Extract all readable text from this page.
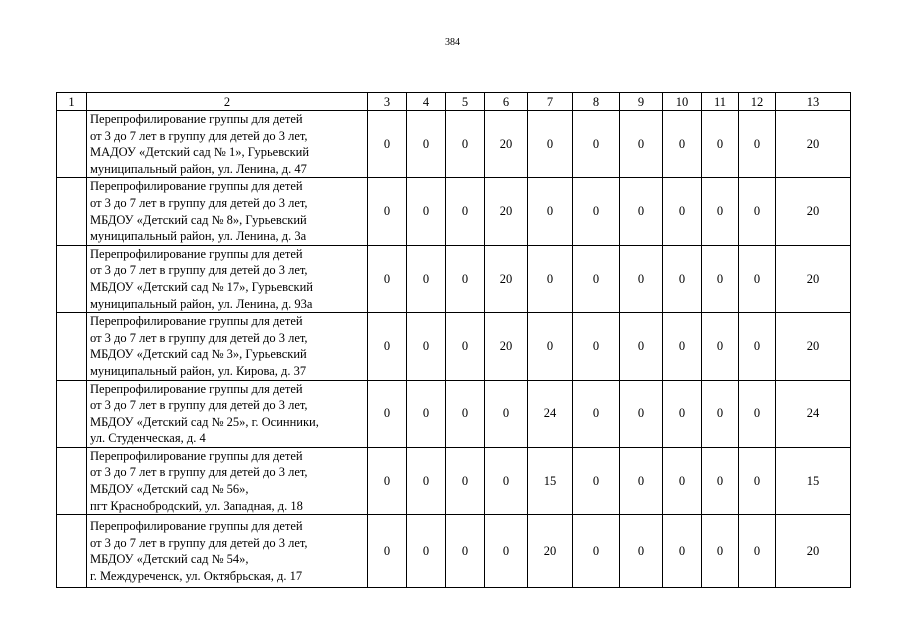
384
1	2	3	4	5	6	7	8	9	10	11	12	13

	Перепрофилирование группы для детей
от 3 до 7 лет в группу для детей до 3 лет,
МАДОУ «Детский сад № 1», Гурьевский
муниципальный район, ул. Ленина, д. 47	0	0	0	20	0	0	0	0	0	0	20

	Перепрофилирование группы для детей
от 3 до 7 лет в группу для детей до 3 лет,
МБДОУ «Детский сад № 8», Гурьевский
муниципальный район, ул. Ленина, д. 3а	0	0	0	20	0	0	0	0	0	0	20

	Перепрофилирование группы для детей
от 3 до 7 лет в группу для детей до 3 лет,
МБДОУ «Детский сад № 17», Гурьевский
муниципальный район, ул. Ленина, д. 93а	0	0	0	20	0	0	0	0	0	0	20

	Перепрофилирование группы для детей
от 3 до 7 лет в группу для детей до 3 лет,
МБДОУ «Детский сад № 3», Гурьевский
муниципальный район, ул. Кирова, д. 37	0	0	0	20	0	0	0	0	0	0	20

	Перепрофилирование группы для детей
от 3 до 7 лет в группу для детей до 3 лет,
МБДОУ «Детский сад № 25», г. Осинники,
ул. Студенческая, д. 4	0	0	0	0	24	0	0	0	0	0	24

	Перепрофилирование группы для детей
от 3 до 7 лет в группу для детей до 3 лет,
МБДОУ «Детский сад № 56»,
пгт Краснобродский, ул. Западная, д. 18	0	0	0	0	15	0	0	0	0	0	15

	Перепрофилирование группы для детей
от 3 до 7 лет в группу для детей до 3 лет,
МБДОУ «Детский сад № 54»,
г. Междуреченск, ул. Октябрьская, д. 17	0	0	0	0	20	0	0	0	0	0	20
